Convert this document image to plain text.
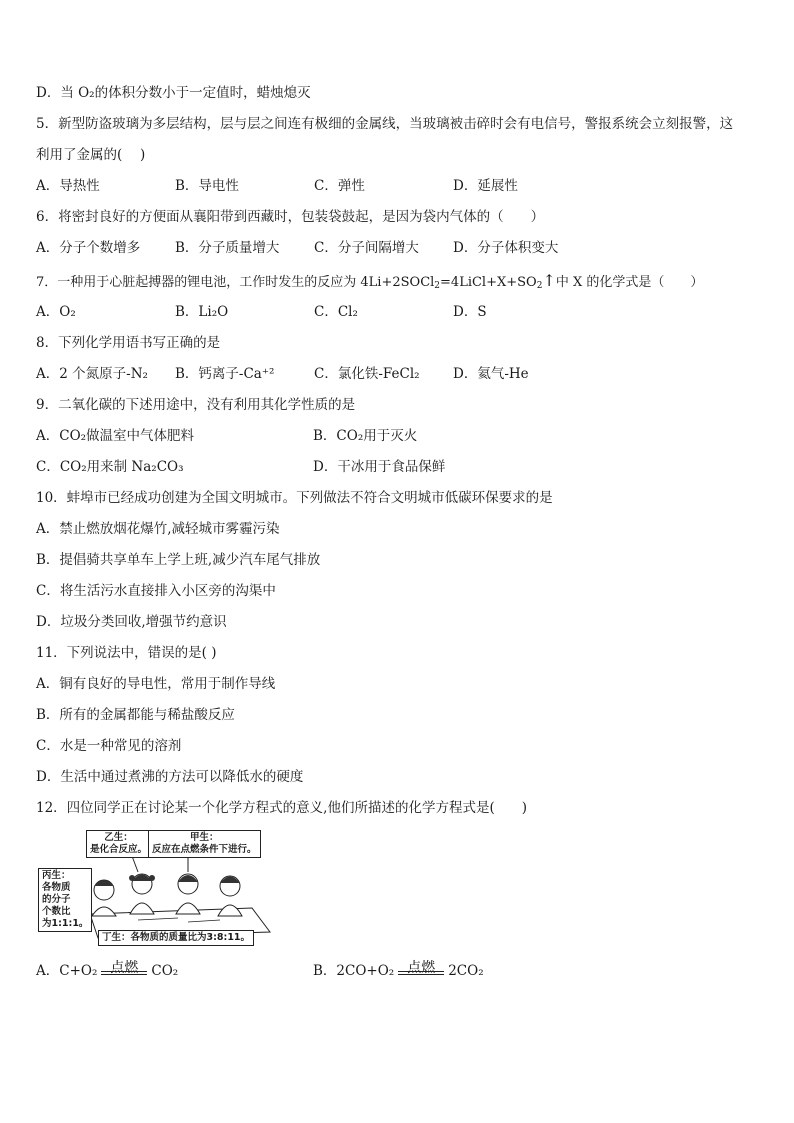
D．当 O₂的体积分数小于一定值时，蜡烛熄灭
5．新型防盗玻璃为多层结构，层与层之间连有极细的金属线，当玻璃被击碎时会有电信号，警报系统会立刻报警，这
利用了金属的(　 )
A．导热性	B．导电性	C．弹性	D．延展性
6．将密封良好的方便面从襄阳带到西藏时，包装袋鼓起，是因为袋内气体的（　　）
A．分子个数增多	B．分子质量增大	C．分子间隔增大	D．分子体积变大
7．一种用于心脏起搏器的锂电池，工作时发生的反应为 $4Li+2SOCl_2=4LiCl+X+SO_2↑$中 X 的化学式是（　　）
A．O₂	B．Li₂O	C．Cl₂	D．S
8．下列化学用语书写正确的是
A．2 个氮原子-N₂ B．钙离子-Ca⁺²	C．氯化铁-FeCl₂ D．氦气-He
9．二氧化碳的下述用途中，没有利用其化学性质的是
A．CO₂做温室中气体肥料	B．CO₂用于灭火
C．CO₂用来制 Na₂CO₃	D．干冰用于食品保鲜
10．蚌埠市已经成功创建为全国文明城市。下列做法不符合文明城市低碳环保要求的是
A．禁止燃放烟花爆竹,减轻城市雾霾污染
B．提倡骑共享单车上学上班,减少汽车尾气排放
C．将生活污水直接排入小区旁的沟渠中
D．垃圾分类回收,增强节约意识
11．下列说法中，错误的是( )
A．铜有良好的导电性，常用于制作导线
B．所有的金属都能与稀盐酸反应
C．水是一种常见的溶剂
D．生活中通过煮沸的方法可以降低水的硬度
12．四位同学正在讨论某一个化学方程式的意义,他们所描述的化学方程式是(　　)
乙生：
是化合反应。
甲生：
反应在点燃条件下进行。
丙生：
各物质
的分子
个数比
为1:1:1。
丁生：各物质的质量比为3:8:11。
A．C+O₂ 点燃 CO₂	B．2CO+O₂ 点燃 2CO₂
